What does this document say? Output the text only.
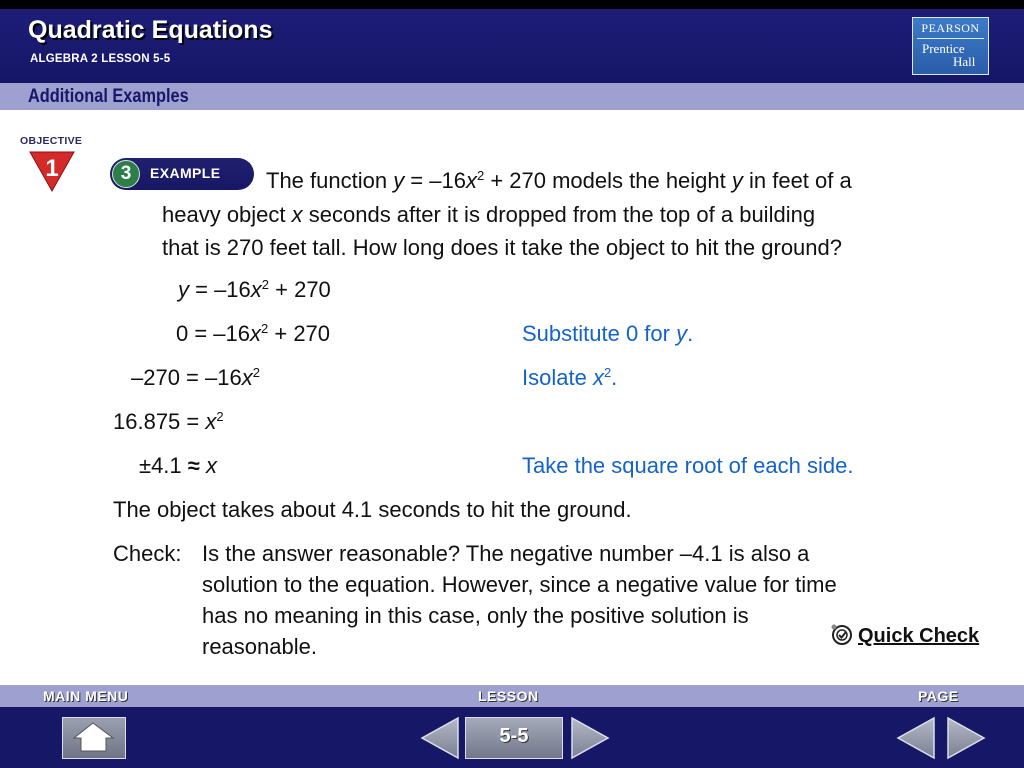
Quadratic Equations
ALGEBRA 2 LESSON 5-5
PEARSON
Prentice
Hall
Additional Examples
OBJECTIVE
1	3	EXAMPLE The function $y = -16x^2 + 270$ models the height y in feet of a
heavy object x seconds after it is dropped from the top of a building
that is 270 feet tall. How long does it take the object to hit the ground?
$y = -16x^2 + 270$
$0 = -16x^2 + 270$	Substitute 0 for y.
$-270 = -16x^2$	Isolate $x^2$.
$16.875 = x^2$
±4.1 ≈ x	Take the square root of each side.
The object takes about 4.1 seconds to hit the ground.
Check: Is the answer reasonable? The negative number –4.1 is also a
solution to the equation. However, since a negative value for time
has no meaning in this case, only the positive solution is
reasonable.	Quick Check
MAIN MENU	LESSON	PAGE
5-5
